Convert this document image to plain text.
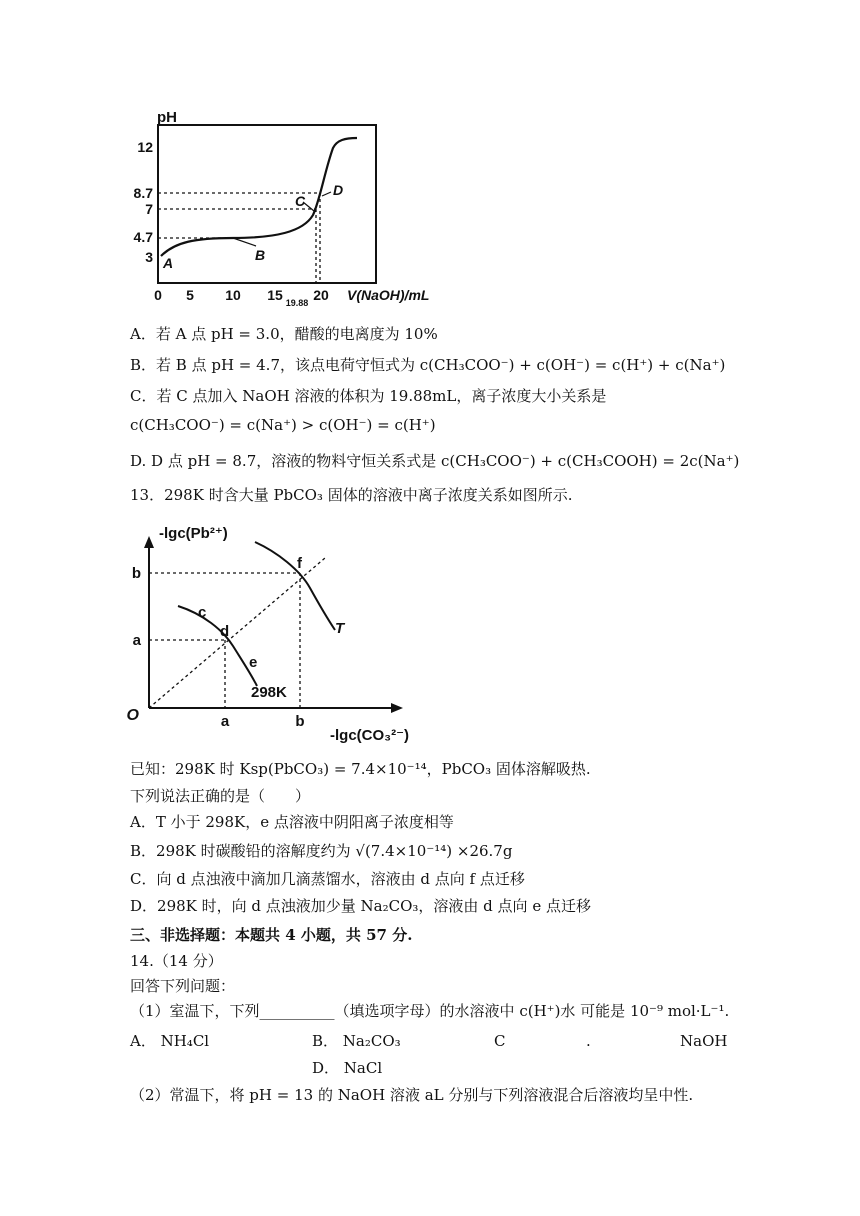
pH
12
8.7
7
4.7
3
0 5 10 15 20
19.88	V(NaOH)/mL
A	B
C
D
A．若 A 点 pH = 3.0，醋酸的电离度为 10%
B．若 B 点 pH = 4.7，该点电荷守恒式为 c(CH₃COO⁻) + c(OH⁻) = c(H⁺) + c(Na⁺)
C．若 C 点加入 NaOH 溶液的体积为 19.88mL，离子浓度大小关系是
c(CH₃COO⁻) = c(Na⁺) > c(OH⁻) = c(H⁺)
D. D 点 pH = 8.7，溶液的物料守恒关系式是 c(CH₃COO⁻) + c(CH₃COOH) = 2c(Na⁺)
13．298K 时含大量 PbCO₃ 固体的溶液中离子浓度关系如图所示.
-lgc(Pb²⁺)
O	a	b
b
a
-lgc(CO₃²⁻)
c
d
e
f
T
298K
已知：298K 时 Ksp(PbCO₃) = 7.4×10⁻¹⁴，PbCO₃ 固体溶解吸热.
下列说法正确的是（　　）
A．T 小于 298K，e 点溶液中阴阳离子浓度相等
B．298K 时碳酸铅的溶解度约为 √(7.4×10⁻¹⁴) ×26.7g
C．向 d 点浊液中滴加几滴蒸馏水，溶液由 d 点向 f 点迁移
D．298K 时，向 d 点浊液加少量 Na₂CO₃，溶液由 d 点向 e 点迁移
三、非选择题：本题共 4 小题，共 57 分.
14.（14 分）
回答下列问题：
（1）室温下，下列__________（填选项字母）的水溶液中 c(H⁺)水 可能是 10⁻⁹ mol·L⁻¹.
A． NH₄Cl	B． Na₂CO₃	C	.	NaOH
D． NaCl
（2）常温下，将 pH = 13 的 NaOH 溶液 aL 分别与下列溶液混合后溶液均呈中性.
